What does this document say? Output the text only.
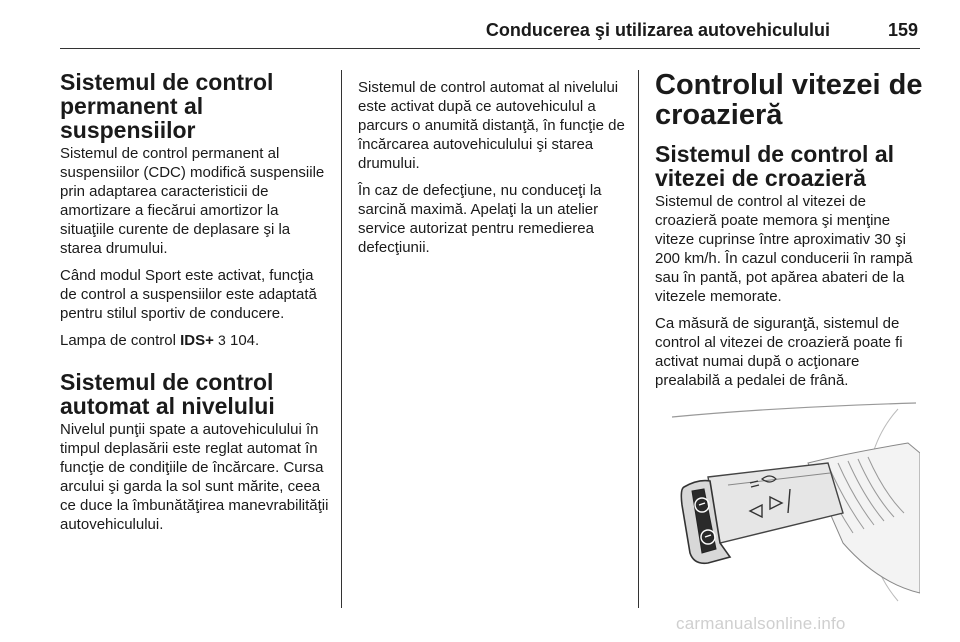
Conducerea şi utilizarea autovehiculului	159
Sistemul de control permanent al suspensiilor

Sistemul de control permanent al suspensiilor (CDC) modifică suspensiile prin adaptarea caracteristicii de amortizare a fiecărui amortizor la situaţiile curente de deplasare şi la starea drumului.

Când modul Sport este activat, funcţia de control a suspensiilor este adaptată pentru stilul sportiv de conducere.

Lampa de control IDS+ 3 104.

Sistemul de control automat al nivelului

Nivelul punţii spate a autovehiculului în timpul deplasării este reglat automat în funcţie de condiţiile de încărcare. Cursa arcului şi garda la sol sunt mărite, ceea ce duce la îmbunătăţirea manevrabilităţii autovehiculului.

Sistemul de control automat al nivelului este activat după ce autovehiculul a parcurs o anumită distanţă, în funcţie de încărcarea autovehiculului şi starea drumului.

În caz de defecţiune, nu conduceţi la sarcină maximă. Apelaţi la un atelier service autorizat pentru remedierea defecţiunii.

Controlul vitezei de croazieră
Sistemul de control al vitezei de croazieră

Sistemul de control al vitezei de croazieră poate memora şi menţine viteze cuprinse între aproximativ 30 şi 200 km/h. În cazul conducerii în rampă sau în pantă, pot apărea abateri de la vitezele memorate.

Ca măsură de siguranţă, sistemul de control al vitezei de croazieră poate fi activat numai după o acţionare prealabilă a pedalei de frână.

carmanualsonline.info
